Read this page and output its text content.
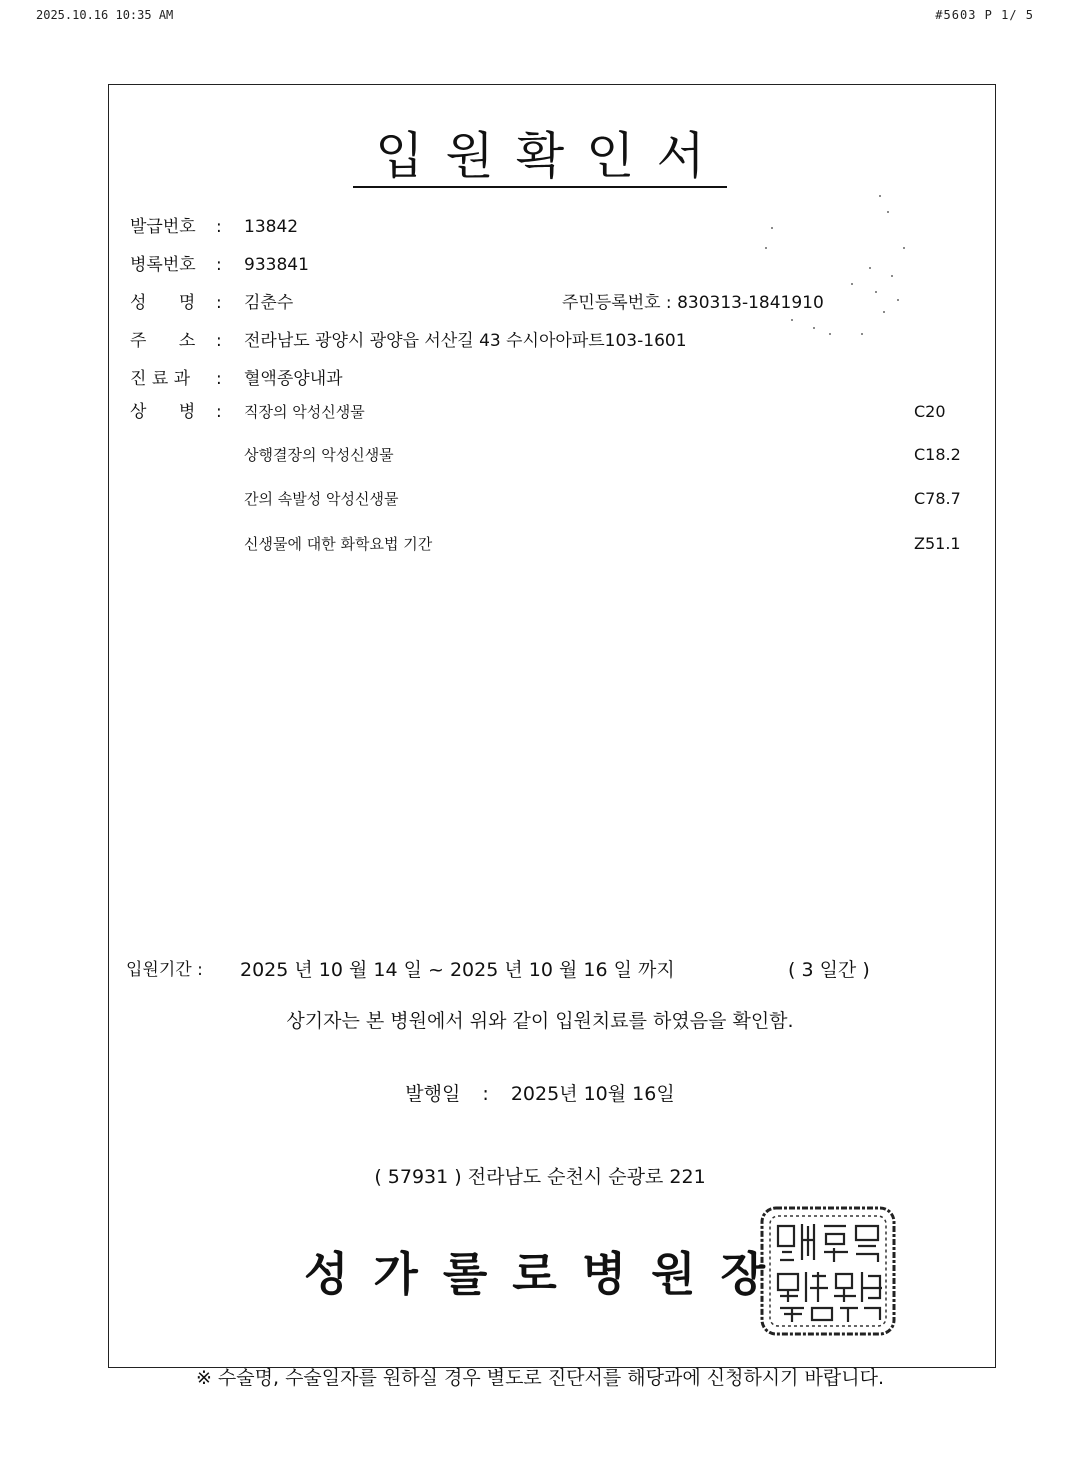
2025.10.16 10:35 AM	#5603 P 1/ 5
입원확인서
발급번호	: 13842
병록번호	: 933841
성      명	: 김춘수	주민등록번호 : 830313-1841910
주      소	: 전라남도 광양시 광양읍 서산길 43 수시아아파트103-1601
진 료 과	: 혈액종양내과
상      병	: 직장의 악성신생물	C20
상행결장의 악성신생물	C18.2
간의 속발성 악성신생물	C78.7
신생물에 대한 화학요법 기간	Z51.1
입원기간 : 2025 년 10 월 14 일 ~ 2025 년 10 월 16 일 까지	( 3 일간 )
상기자는 본 병원에서 위와 같이 입원치료를 하였음을 확인함.
발행일 : 2025년 10월 16일
( 57931 ) 전라남도 순천시 순광로 221
성가롤로병원장
※ 수술명, 수술일자를 원하실 경우 별도로 진단서를 해당과에 신청하시기 바랍니다.
